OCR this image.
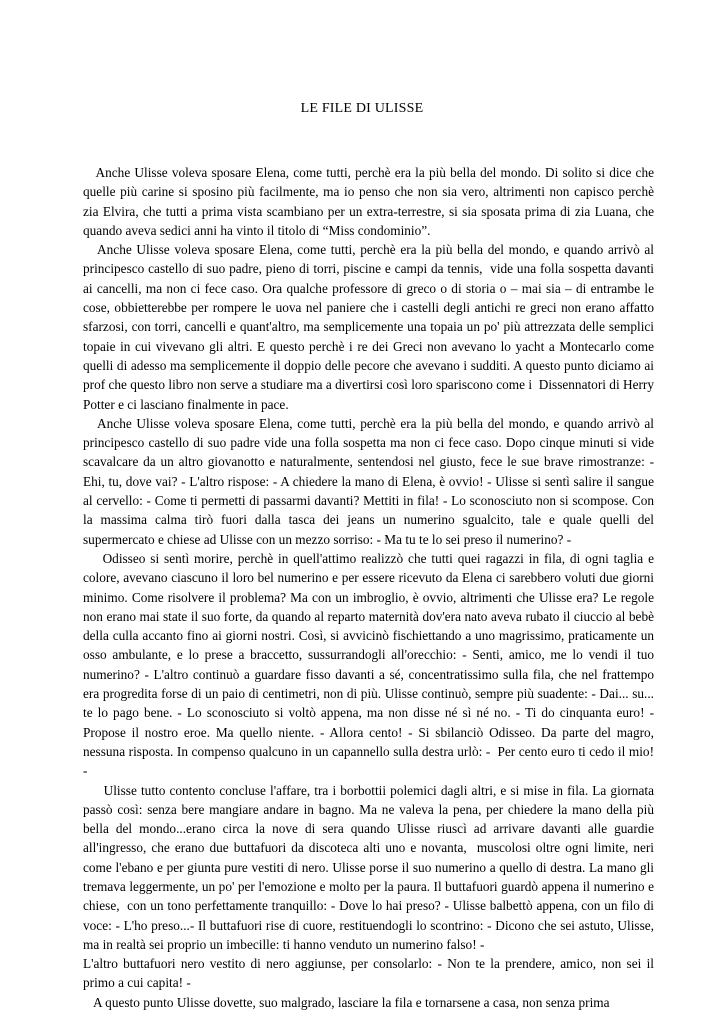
LE FILE DI ULISSE

Anche Ulisse voleva sposare Elena, come tutti, perchè era la più bella del mondo. Di solito si dice che quelle più carine si sposino più facilmente, ma io penso che non sia vero, altrimenti non capisco perchè  zia Elvira, che tutti a prima vista scambiano per un extra-terrestre, si sia sposata prima di zia Luana, che quando aveva sedici anni ha vinto il titolo di “Miss condominio”.

Anche Ulisse voleva sposare Elena, come tutti, perchè era la più bella del mondo, e quando arrivò al principesco castello di suo padre, pieno di torri, piscine e campi da tennis,  vide una folla sospetta davanti ai cancelli, ma non ci fece caso. Ora qualche professore di greco o di storia o – mai sia – di entrambe le cose, obbietterebbe per rompere le uova nel paniere che i castelli degli antichi re greci non erano affatto sfarzosi, con torri, cancelli e quant'altro, ma semplicemente una topaia un po' più attrezzata delle semplici topaie in cui vivevano gli altri. E questo perchè i re dei Greci non avevano lo yacht a Montecarlo come quelli di adesso ma semplicemente il doppio delle pecore che avevano i sudditi. A questo punto diciamo ai prof che questo libro non serve a studiare ma a divertirsi così loro spariscono come i  Dissennatori di Herry Potter e ci lasciano finalmente in pace.

Anche Ulisse voleva sposare Elena, come tutti, perchè era la più bella del mondo, e quando arrivò al principesco castello di suo padre vide una folla sospetta ma non ci fece caso. Dopo cinque minuti si vide scavalcare da un altro giovanotto e naturalmente, sentendosi nel giusto, fece le sue brave rimostranze: - Ehi, tu, dove vai? - L'altro rispose: - A chiedere la mano di Elena, è ovvio! - Ulisse si sentì salire il sangue al cervello: - Come ti permetti di passarmi davanti? Mettiti in fila! - Lo sconosciuto non si scompose. Con la massima calma tirò fuori dalla tasca dei jeans un numerino sgualcito, tale e quale quelli del supermercato e chiese ad Ulisse con un mezzo sorriso: - Ma tu te lo sei preso il numerino? -

Odisseo si sentì morire, perchè in quell'attimo realizzò che tutti quei ragazzi in fila, di ogni taglia e colore, avevano ciascuno il loro bel numerino e per essere ricevuto da Elena ci sarebbero voluti due giorni minimo. Come risolvere il problema? Ma con un imbroglio, è ovvio, altrimenti che Ulisse era? Le regole non erano mai state il suo forte, da quando al reparto maternità dov'era nato aveva rubato il ciuccio al bebè della culla accanto fino ai giorni nostri. Così, si avvicinò fischiettando a uno magrissimo, praticamente un osso ambulante, e lo prese a braccetto, sussurrandogli all'orecchio: - Senti, amico, me lo vendi il tuo numerino? - L'altro continuò a guardare fisso davanti a sé, concentratissimo sulla fila, che nel frattempo era progredita forse di un paio di centimetri, non di più. Ulisse continuò, sempre più suadente: - Dai... su... te lo pago bene. - Lo sconosciuto si voltò appena, ma non disse né sì né no. - Ti do cinquanta euro! - Propose il nostro eroe. Ma quello niente. - Allora cento! - Si sbilanciò Odisseo. Da parte del magro, nessuna risposta. In compenso qualcuno in un capannello sulla destra urlò: -  Per cento euro ti cedo il mio! -

Ulisse tutto contento concluse l'affare, tra i borbottii polemici dagli altri, e si mise in fila. La giornata passò così: senza bere mangiare andare in bagno. Ma ne valeva la pena, per chiedere la mano della più bella del mondo...erano circa la nove di sera quando Ulisse riuscì ad arrivare davanti alle guardie all'ingresso, che erano due buttafuori da discoteca alti uno e novanta,  muscolosi oltre ogni limite, neri come l'ebano e per giunta pure vestiti di nero. Ulisse porse il suo numerino a quello di destra. La mano gli tremava leggermente, un po' per l'emozione e molto per la paura. Il buttafuori guardò appena il numerino e chiese,  con un tono perfettamente tranquillo: - Dove lo hai preso? - Ulisse balbettò appena, con un filo di voce: - L'ho preso...- Il buttafuori rise di cuore, restituendogli lo scontrino: - Dicono che sei astuto, Ulisse, ma in realtà sei proprio un imbecille: ti hanno venduto un numerino falso! -

L'altro buttafuori nero vestito di nero aggiunse, per consolarlo: - Non te la prendere, amico, non sei il primo a cui capita! -

A questo punto Ulisse dovette, suo malgrado, lasciare la fila e tornarsene a casa, non senza prima
